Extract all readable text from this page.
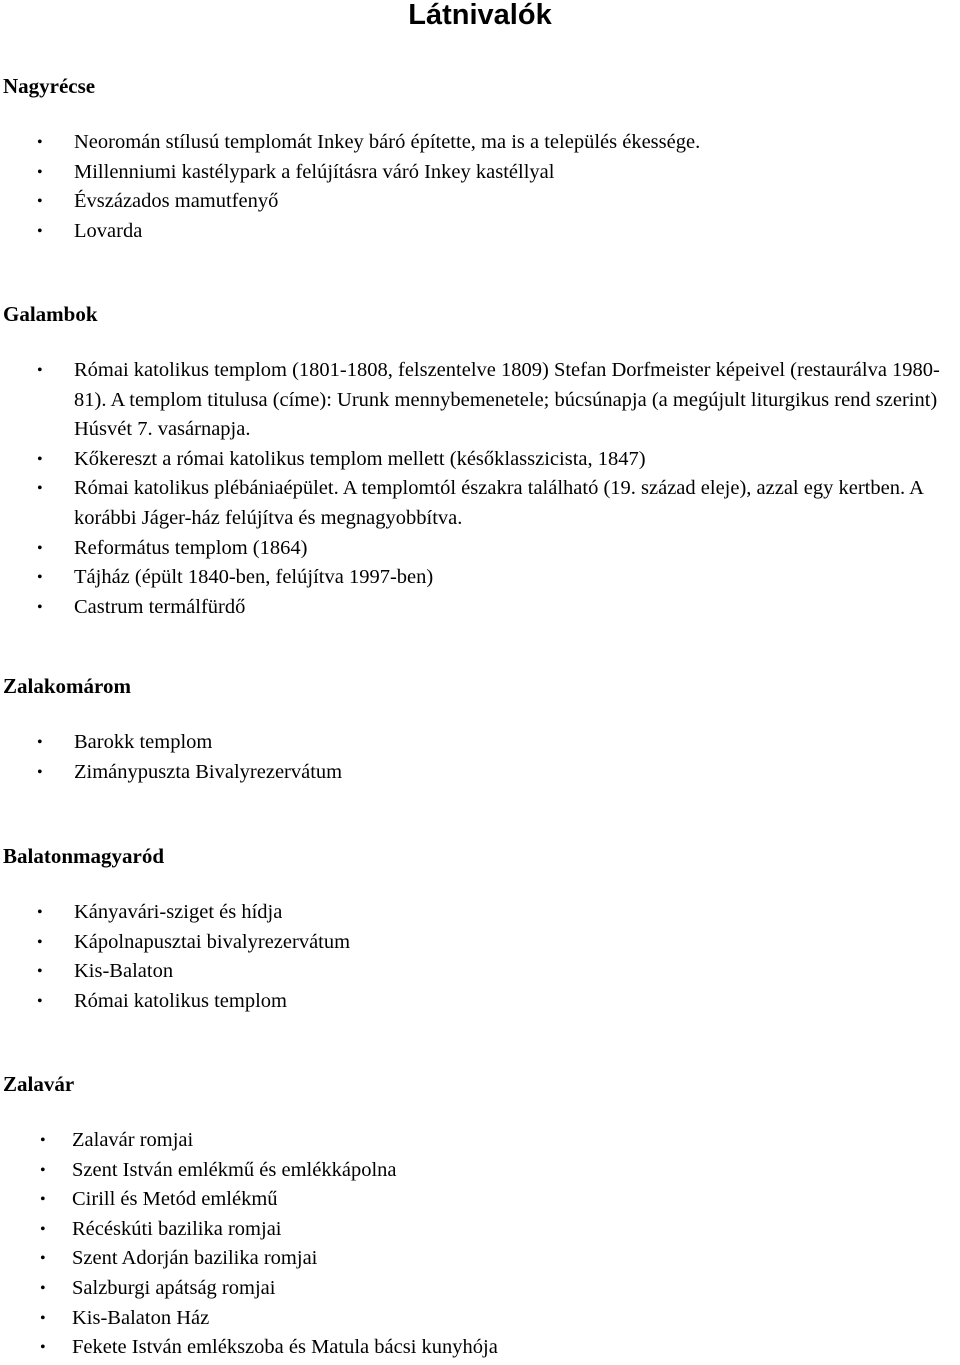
Látnivalók
Nagyrécse
• Neoromán stílusú templomát Inkey báró építette, ma is a település ékessége.
• Millenniumi kastélypark a felújításra váró Inkey kastéllyal
• Évszázados mamutfenyő
• Lovarda
Galambok
• Római katolikus templom (1801-1808, felszentelve 1809) Stefan Dorfmeister képeivel (restaurálva 1980-81). A templom titulusa (címe): Urunk mennybemenetele; búcsúnapja (a megújult liturgikus rend szerint) Húsvét 7. vasárnapja.
• Kőkereszt a római katolikus templom mellett (későklasszicista, 1847)
• Római katolikus plébániaépület. A templomtól északra található (19. század eleje), azzal egy kertben. A korábbi Jáger-ház felújítva és megnagyobbítva.
• Református templom (1864)
• Tájház (épült 1840-ben, felújítva 1997-ben)
• Castrum termálfürdő
Zalakomárom
• Barokk templom
• Zimánypuszta Bivalyrezervátum
Balatonmagyaród
• Kányavári-sziget és hídja
• Kápolnapusztai bivalyrezervátum
• Kis-Balaton
• Római katolikus templom
Zalavár
• Zalavár romjai
• Szent István emlékmű és emlékkápolna
• Cirill és Metód emlékmű
• Récéskúti bazilika romjai
• Szent Adorján bazilika romjai
• Salzburgi apátság romjai
• Kis-Balaton Ház
• Fekete István emlékszoba és Matula bácsi kunyhója
